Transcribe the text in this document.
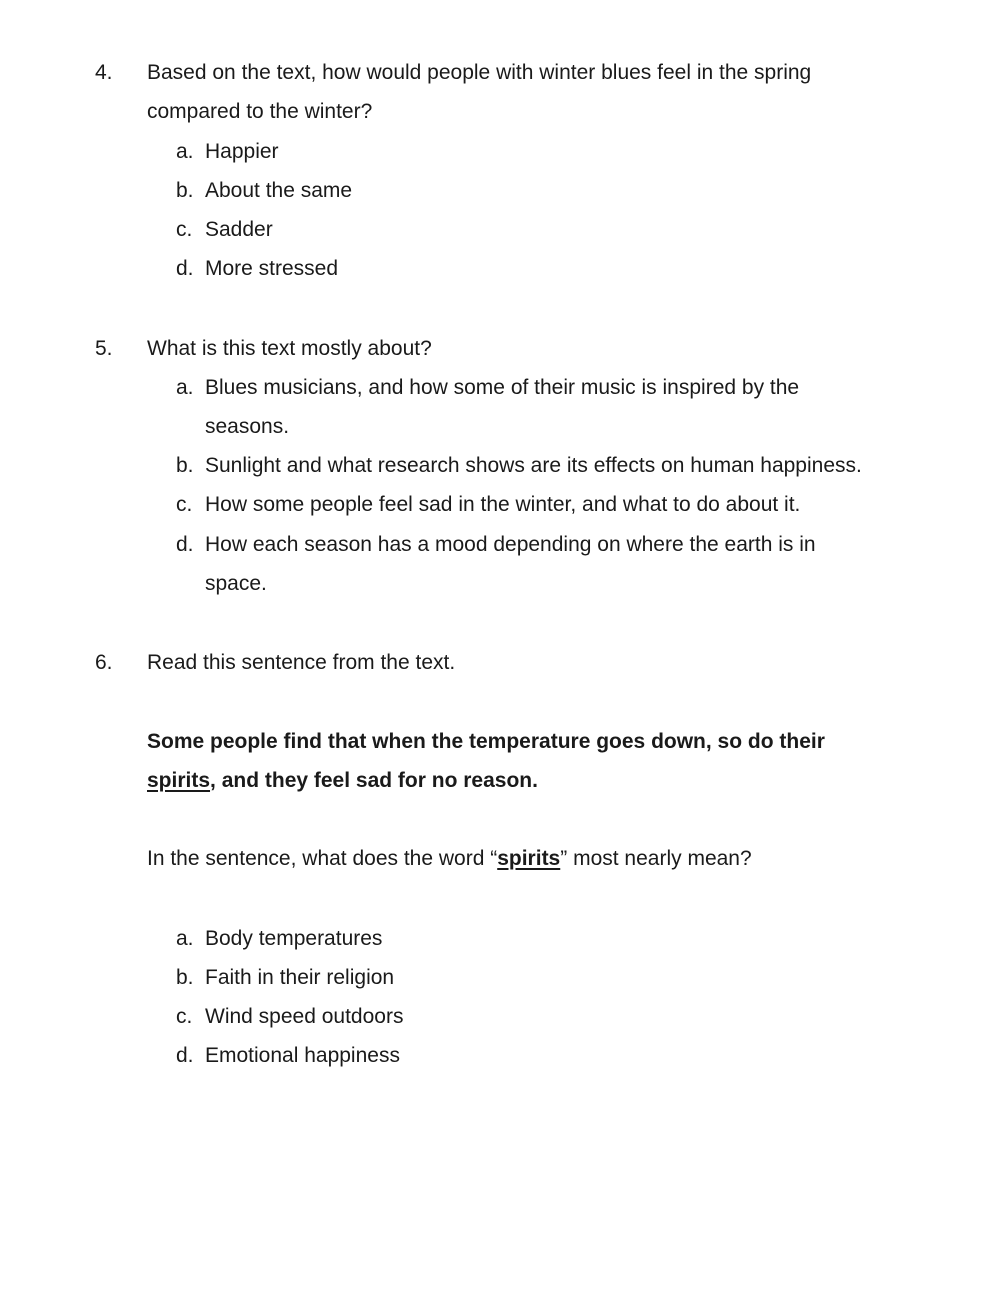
4. Based on the text, how would people with winter blues feel in the spring
compared to the winter?
a. Happier
b. About the same
c. Sadder
d. More stressed
5. What is this text mostly about?
a. Blues musicians, and how some of their music is inspired by the
seasons.
b. Sunlight and what research shows are its effects on human happiness.
c. How some people feel sad in the winter, and what to do about it.
d. How each season has a mood depending on where the earth is in
space.
6. Read this sentence from the text.
Some people find that when the temperature goes down, so do their
spirits, and they feel sad for no reason.
In the sentence, what does the word “spirits” most nearly mean?
a. Body temperatures
b. Faith in their religion
c. Wind speed outdoors
d. Emotional happiness
